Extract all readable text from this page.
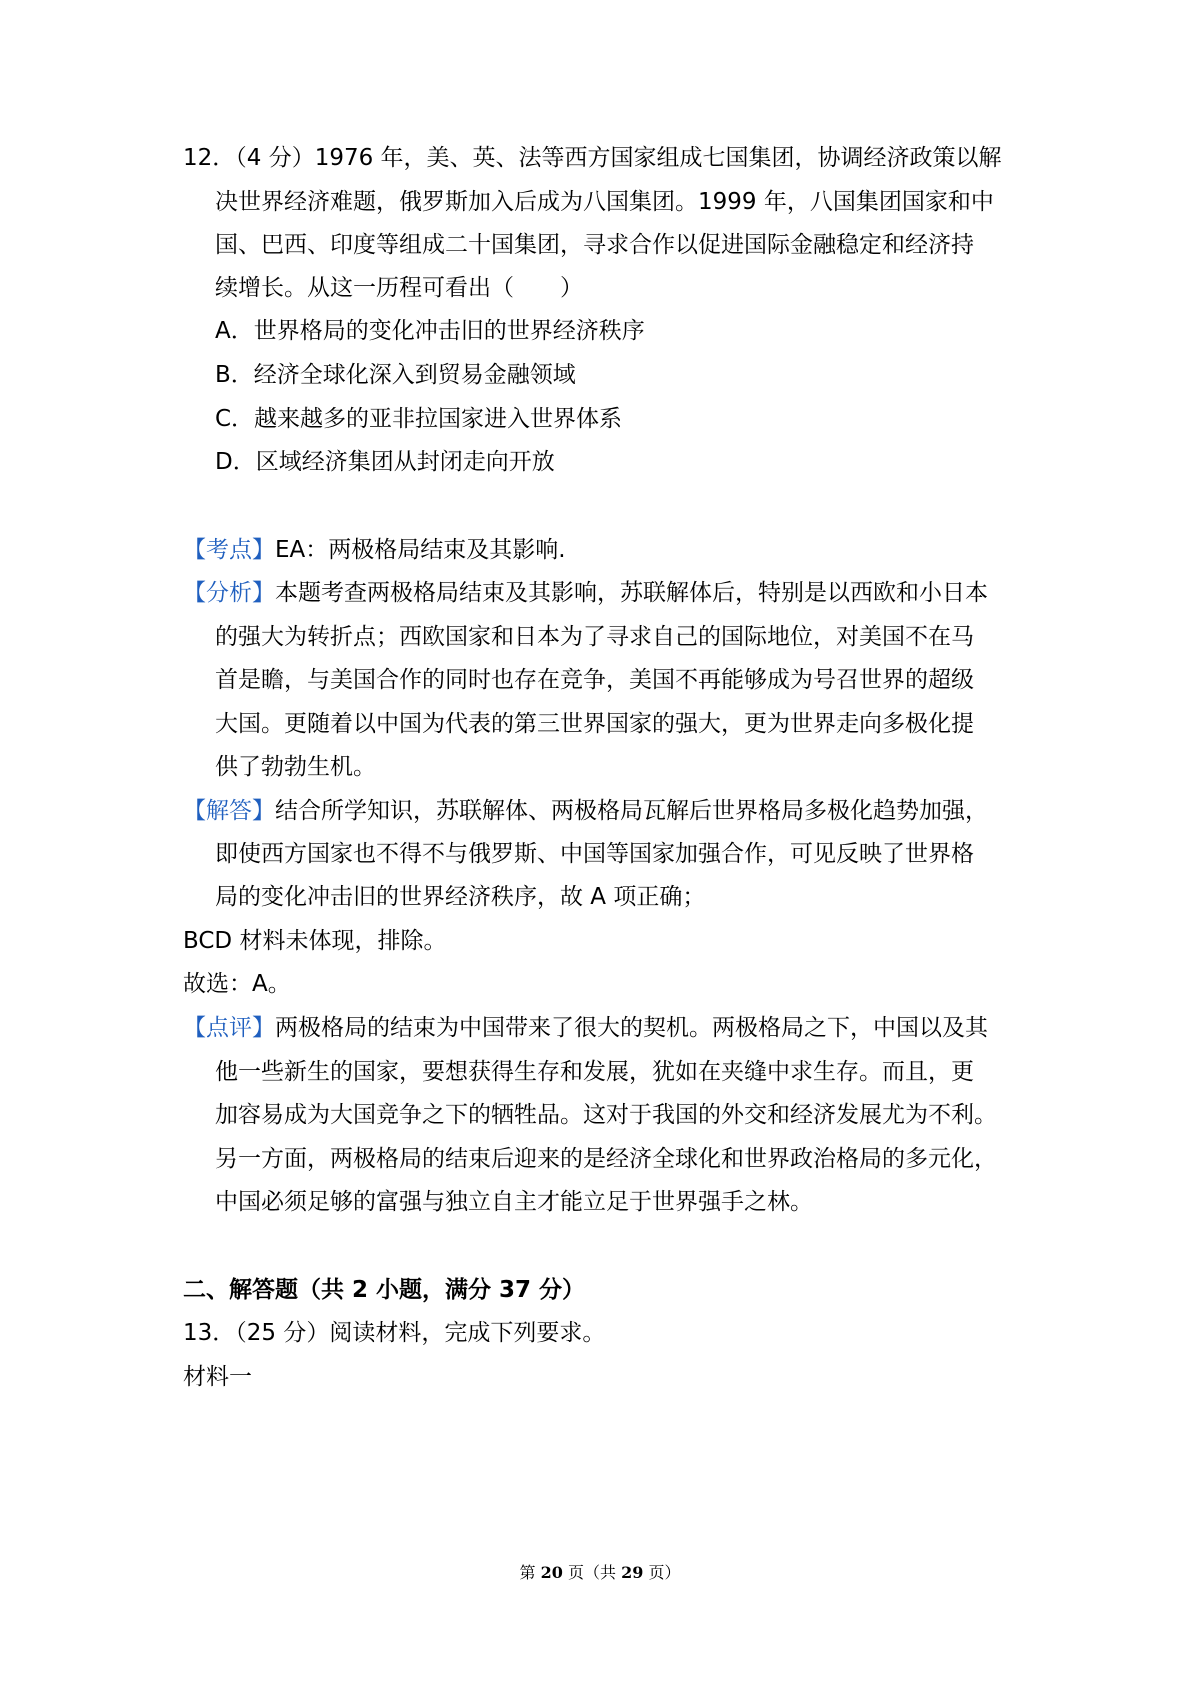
12．（4 分）1976 年，美、英、法等西方国家组成七国集团，协调经济政策以解
决世界经济难题，俄罗斯加入后成为八国集团。1999 年，八国集团国家和中
国、巴西、印度等组成二十国集团，寻求合作以促进国际金融稳定和经济持
续增长。从这一历程可看出（　　）
A．世界格局的变化冲击旧的世界经济秩序
B．经济全球化深入到贸易金融领域
C．越来越多的亚非拉国家进入世界体系
D．区域经济集团从封闭走向开放
【考点】EA：两极格局结束及其影响.
【分析】本题考查两极格局结束及其影响，苏联解体后，特别是以西欧和小日本
的强大为转折点；西欧国家和日本为了寻求自己的国际地位，对美国不在马
首是瞻，与美国合作的同时也存在竞争，美国不再能够成为号召世界的超级
大国。更随着以中国为代表的第三世界国家的强大，更为世界走向多极化提
供了勃勃生机。
【解答】结合所学知识，苏联解体、两极格局瓦解后世界格局多极化趋势加强，
即使西方国家也不得不与俄罗斯、中国等国家加强合作，可见反映了世界格
局的变化冲击旧的世界经济秩序，故 A 项正确；
BCD 材料未体现，排除。
故选：A。
【点评】两极格局的结束为中国带来了很大的契机。两极格局之下，中国以及其
他一些新生的国家，要想获得生存和发展，犹如在夹缝中求生存。而且，更
加容易成为大国竞争之下的牺牲品。这对于我国的外交和经济发展尤为不利。
另一方面，两极格局的结束后迎来的是经济全球化和世界政治格局的多元化，
中国必须足够的富强与独立自主才能立足于世界强手之林。
二、解答题（共 2 小题，满分 37 分）
13．（25 分）阅读材料，完成下列要求。
材料一
第 20 页（共 29 页）
